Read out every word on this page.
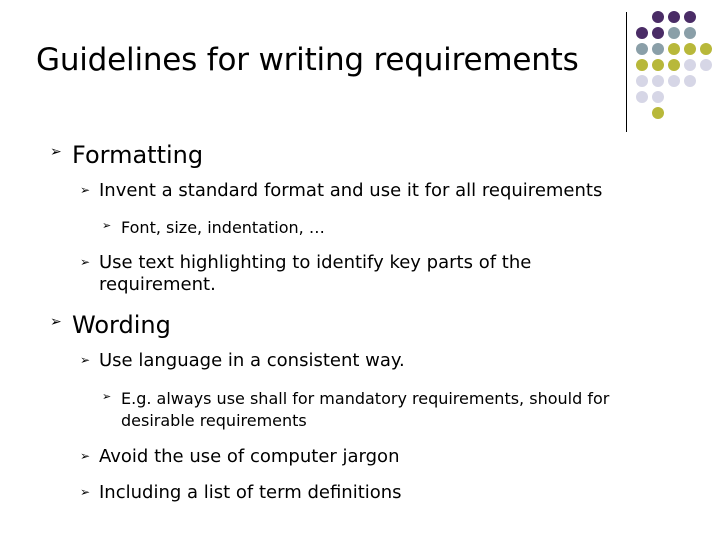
Guidelines for writing requirements
➢ Formatting
➢ Invent a standard format and use it for all requirements
➢ Font, size, indentation, …
➢ Use text highlighting to identify key parts of the
requirement.
➢ Wording
➢ Use language in a consistent way.
➢ E.g. always use shall for mandatory requirements, should for
desirable requirements
➢ Avoid the use of computer jargon
➢ Including a list of term definitions
